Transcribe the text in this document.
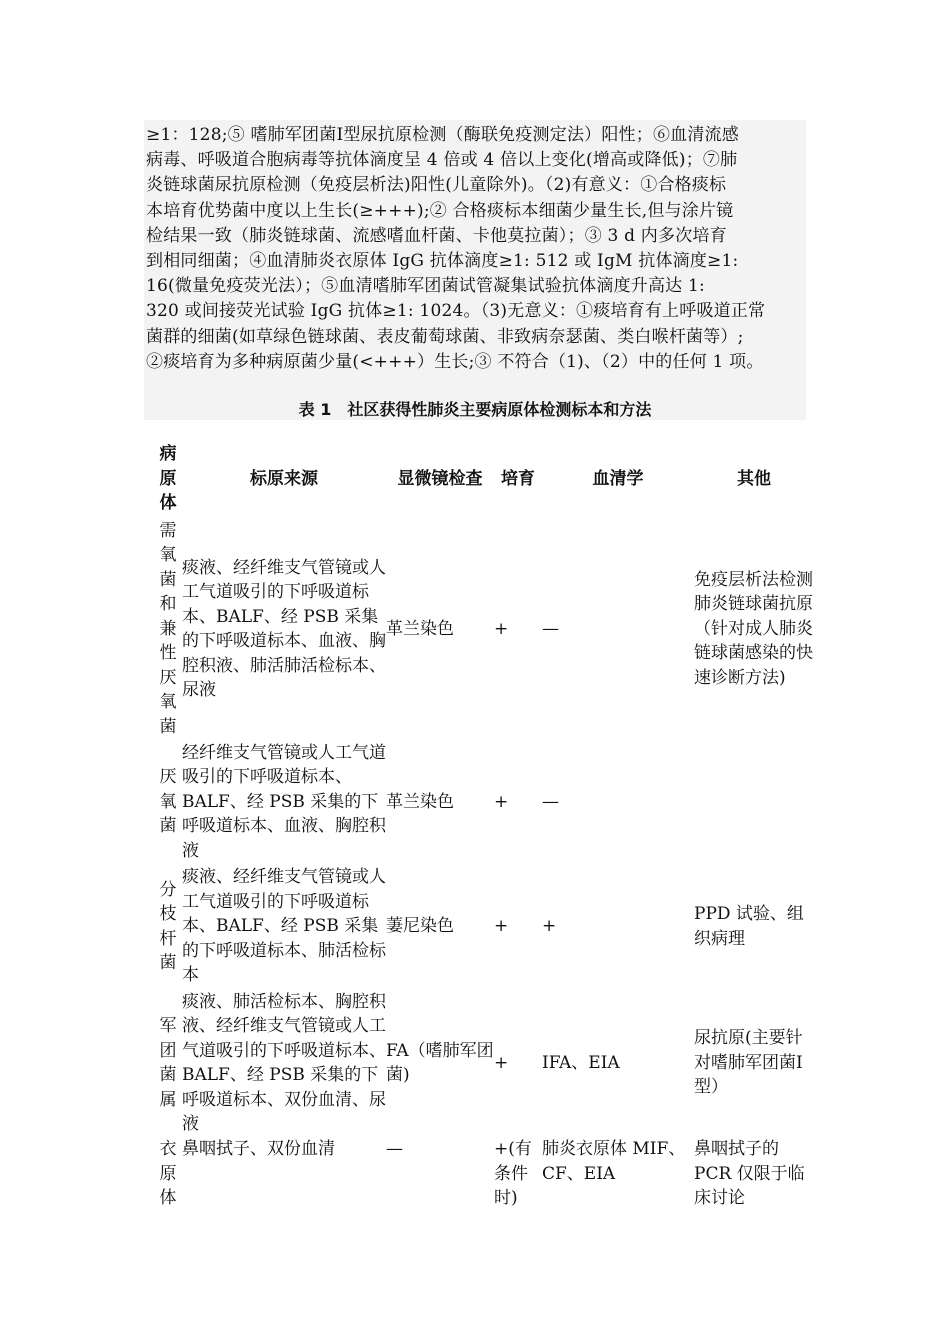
≥1：128;⑤ 嗜肺军团菌Ⅰ型尿抗原检测（酶联免疫测定法）阳性；⑥血清流感
病毒、呼吸道合胞病毒等抗体滴度呈 4 倍或 4 倍以上变化(增高或降低)；⑦肺
炎链球菌尿抗原检测（免疫层析法)阳性(儿童除外)。（2)有意义：①合格痰标
本培育优势菌中度以上生长(≥+++);② 合格痰标本细菌少量生长,但与涂片镜
检结果一致（肺炎链球菌、流感嗜血杆菌、卡他莫拉菌）；③ 3 d 内多次培育
到相同细菌；④血清肺炎衣原体 IgG 抗体滴度≥1: 512 或 IgM 抗体滴度≥1:
16(微量免疫荧光法）；⑤血清嗜肺军团菌试管凝集试验抗体滴度升高达 1:
320 或间接荧光试验 IgG 抗体≥1: 1024。（3)无意义：①痰培育有上呼吸道正常
菌群的细菌(如草绿色链球菌、表皮葡萄球菌、非致病奈瑟菌、类白喉杆菌等）;
②痰培育为多种病原菌少量(<+++）生长;③ 不符合（1)、（2）中的任何 1 项。
表 1　社区获得性肺炎主要病原体检测标本和方法
病原体	标原来源	显微镜检查	培育	血清学	其他
需氧菌和兼性厌氧菌	痰液、经纤维支气管镜或人工气道吸引的下呼吸道标本、BALF、经 PSB 采集的下呼吸道标本、血液、胸腔积液、肺活肺活检标本、尿液	革兰染色	+	—	免疫层析法检测肺炎链球菌抗原（针对成人肺炎链球菌感染的快速诊断方法)
厌氧菌	经纤维支气管镜或人工气道吸引的下呼吸道标本、BALF、经 PSB 采集的下呼吸道标本、血液、胸腔积液	革兰染色	+	—	
分枝杆菌	痰液、经纤维支气管镜或人工气道吸引的下呼吸道标本、BALF、经 PSB 采集的下呼吸道标本、肺活检标本	萋尼染色	+	+	PPD 试验、组织病理
军团菌属	痰液、肺活检标本、胸腔积液、经纤维支气管镜或人工气道吸引的下呼吸道标本、BALF、经 PSB 采集的下呼吸道标本、双份血清、尿液	FA（嗜肺军团菌)	+	IFA、EIA	尿抗原(主要针对嗜肺军团菌Ⅰ型）
衣原体	鼻咽拭子、双份血清	—	+(有条件时)	肺炎衣原体 MIF、CF、EIA	鼻咽拭子的 PCR 仅限于临床讨论
